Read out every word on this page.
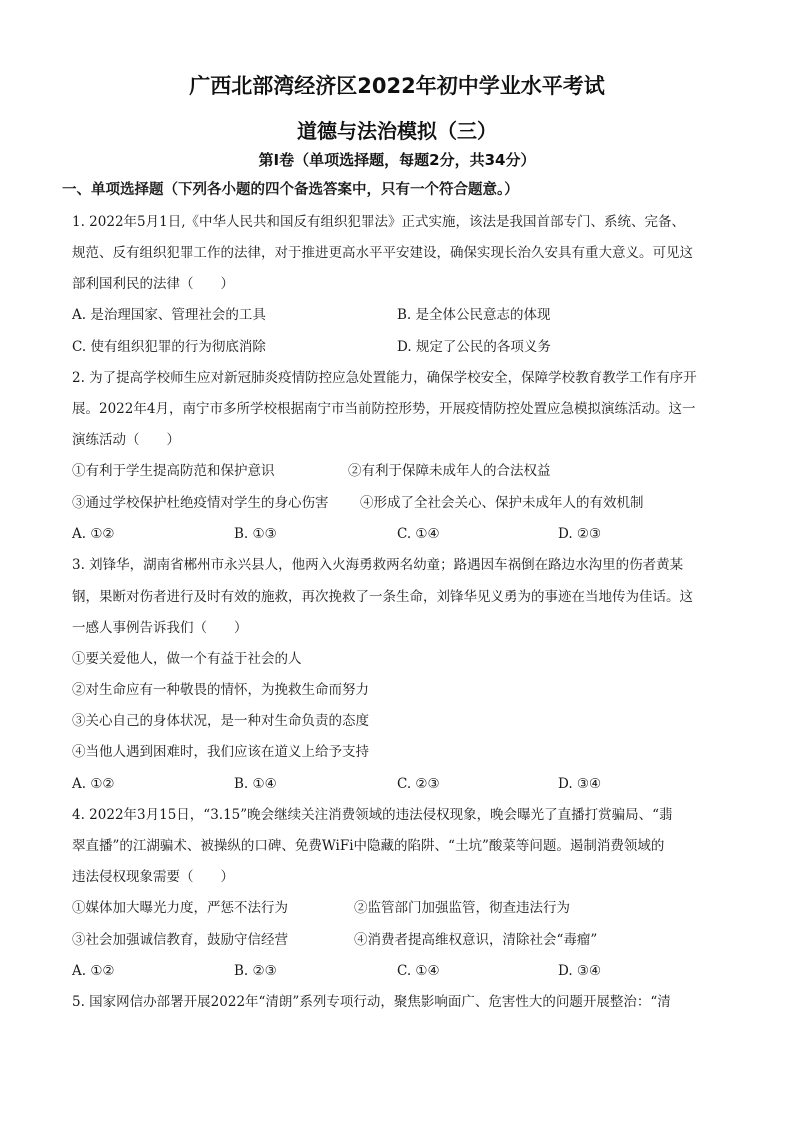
广西北部湾经济区2022年初中学业水平考试
道德与法治模拟（三）
第Ⅰ卷（单项选择题，每题2分，共34分）
一、单项选择题（下列各小题的四个备选答案中，只有一个符合题意。）
1. 2022年5月1日,《中华人民共和国反有组织犯罪法》正式实施，该法是我国首部专门、系统、完备、
规范、反有组织犯罪工作的法律，对于推进更高水平平安建设，确保实现长治久安具有重大意义。可见这
部利国利民的法律（　　）
A. 是治理国家、管理社会的工具	B. 是全体公民意志的体现
C. 使有组织犯罪的行为彻底消除	D. 规定了公民的各项义务
2. 为了提高学校师生应对新冠肺炎疫情防控应急处置能力，确保学校安全，保障学校教育教学工作有序开
展。2022年4月，南宁市多所学校根据南宁市当前防控形势，开展疫情防控处置应急模拟演练活动。这一
演练活动（　　）
①有利于学生提高防范和保护意识	②有利于保障未成年人的合法权益
③通过学校保护杜绝疫情对学生的身心伤害 ④形成了全社会关心、保护未成年人的有效机制
A. ①②	B. ①③	C. ①④	D. ②③
3. 刘锋华，湖南省郴州市永兴县人，他两入火海勇救两名幼童；路遇因车祸倒在路边水沟里的伤者黄某
钢，果断对伤者进行及时有效的施救，再次挽救了一条生命，刘锋华见义勇为的事迹在当地传为佳话。这
一感人事例告诉我们（　　）
①要关爱他人，做一个有益于社会的人
②对生命应有一种敬畏的情怀，为挽救生命而努力
③关心自己的身体状况，是一种对生命负责的态度
④当他人遇到困难时，我们应该在道义上给予支持
A. ①②	B. ①④	C. ②③	D. ③④
4. 2022年3月15日，“3.15”晚会继续关注消费领域的违法侵权现象，晚会曝光了直播打赏骗局、“翡
翠直播”的江湖骗术、被操纵的口碑、免费WiFi中隐藏的陷阱、“土坑”酸菜等问题。遏制消费领域的
违法侵权现象需要（　　）
①媒体加大曝光力度，严惩不法行为	②监管部门加强监管，彻查违法行为
③社会加强诚信教育，鼓励守信经营	④消费者提高维权意识，清除社会“毒瘤”
A. ①②	B. ②③	C. ①④	D. ③④
5. 国家网信办部署开展2022年“清朗”系列专项行动，聚焦影响面广、危害性大的问题开展整治：“清
